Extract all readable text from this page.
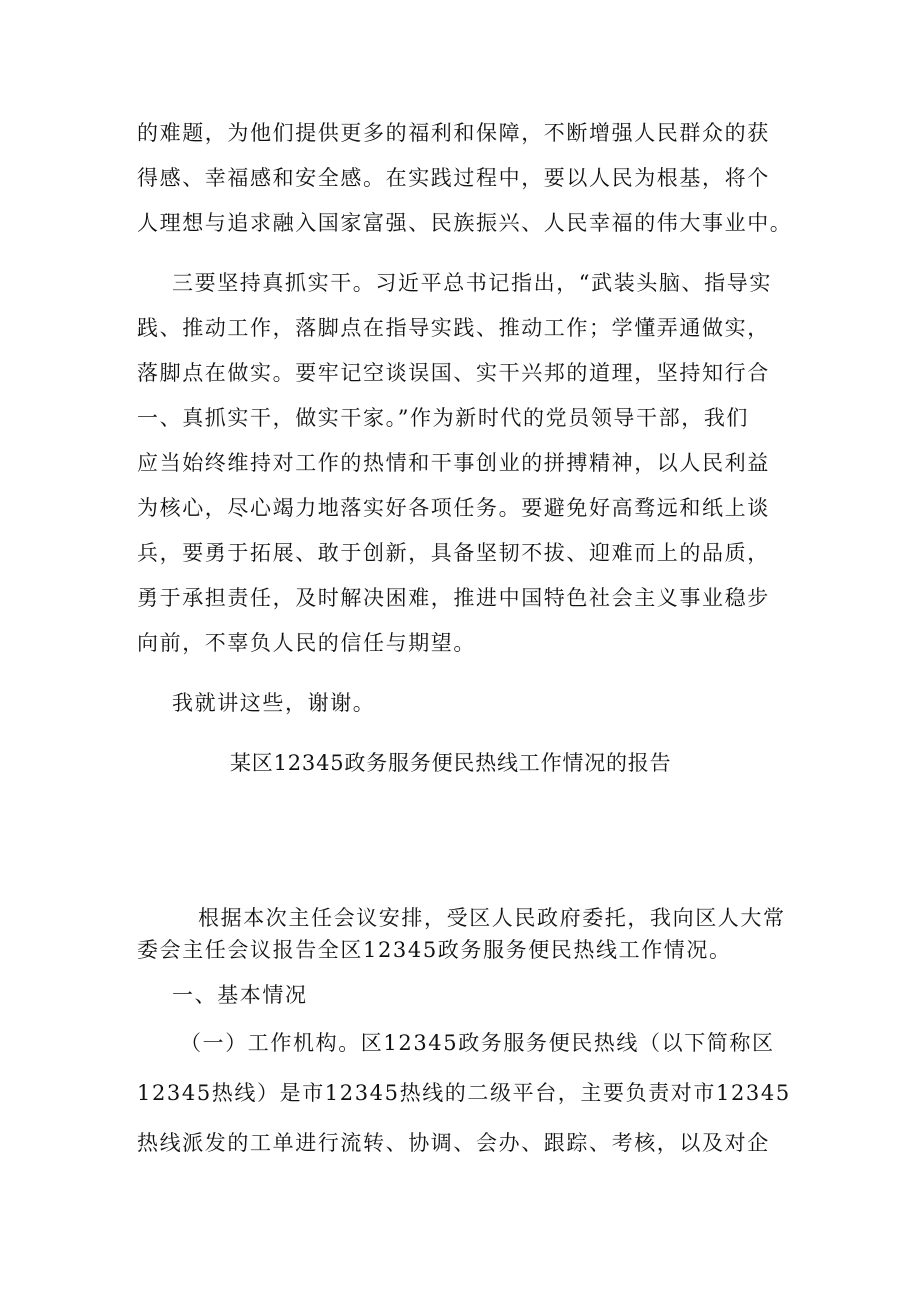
的难题，为他们提供更多的福利和保障，不断增强人民群众的获
得感、幸福感和安全感。在实践过程中，要以人民为根基，将个
人理想与追求融入国家富强、民族振兴、人民幸福的伟大事业中。
三要坚持真抓实干。习近平总书记指出，“武装头脑、指导实
践、推动工作，落脚点在指导实践、推动工作；学懂弄通做实，
落脚点在做实。要牢记空谈误国、实干兴邦的道理，坚持知行合
一、真抓实干，做实干家。”作为新时代的党员领导干部，我们
应当始终维持对工作的热情和干事创业的拼搏精神，以人民利益
为核心，尽心竭力地落实好各项任务。要避免好高骛远和纸上谈
兵，要勇于拓展、敢于创新，具备坚韧不拔、迎难而上的品质，
勇于承担责任，及时解决困难，推进中国特色社会主义事业稳步
向前，不辜负人民的信任与期望。
我就讲这些，谢谢。
某区12345政务服务便民热线工作情况的报告
根据本次主任会议安排，受区人民政府委托，我向区人大常
委会主任会议报告全区12345政务服务便民热线工作情况。
一、基本情况
（一）工作机构。区12345政务服务便民热线（以下简称区
12345热线）是市12345热线的二级平台，主要负责对市12345
热线派发的工单进行流转、协调、会办、跟踪、考核，以及对企
